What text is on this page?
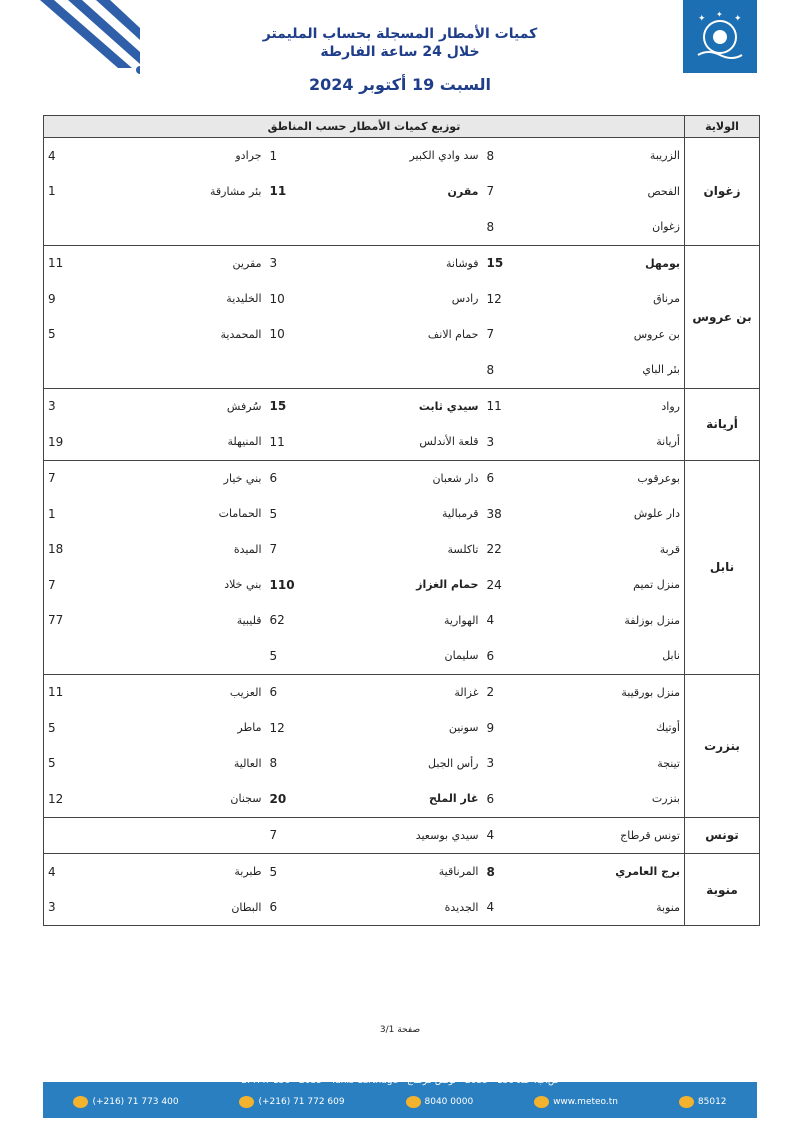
✦	✦
✦
كميات الأمطار المسجلة بحساب المليمتر
خلال 24 ساعة الفارطة
السبت 19 أكتوبر 2024
الولاية	توزيع كميات الأمطار حسب المناطق					
زغوان	الزريبة	8	سد وادي الكبير	1	جرادو	4
	الفحص	7	مقرن	11	بئر مشارقة	1
	زغوان	8				
بن عروس	بومهل	15	فوشانة	3	مقرين	11
	مرناق	12	رادس	10	الخليدية	9
	بن عروس	7	حمام الانف	10	المحمدية	5
	بئر الباي	8				
أريانة	رواد	11	سيدي ثابت	15	سُرفش	3
	أريانة	3	قلعة الأندلس	11	المنيهلة	19
نابل	بوعرقوب	6	دار شعبان	6	بني خيار	7
	دار علوش	38	قرمبالية	5	الحمامات	1
	قربة	22	تاكلسة	7	الميدة	18
	منزل تميم	24	حمام الغزاز	110	بني خلاد	7
	منزل بوزلفة	4	الهوارية	62	قليبية	77
	نابل	6	سليمان	5		
بنزرت	منزل بورقيبة	2	غزالة	6	العزيب	11
	أوتيك	9	سونين	12	ماطر	5
	تينجة	3	رأس الجبل	8	العالية	5
	بنزرت	6	غار الملح	20	سجنان	12
تونس	تونس قرطاج	4	سيدي بوسعيد	7		
منوبة	برج العامري	8	المرناقية	5	طبربة	4
	منوبة	4	الجديدة	6	البطان	3
صفحة 3/1
B. P. n°156 - 2035 - Tunis Carthage - ص.ب. عدد 156 - 2035 - تونس قرطاج
(+216) 71 773 400	(+216) 71 772 609	8040 0000	www.meteo.tn	85012
